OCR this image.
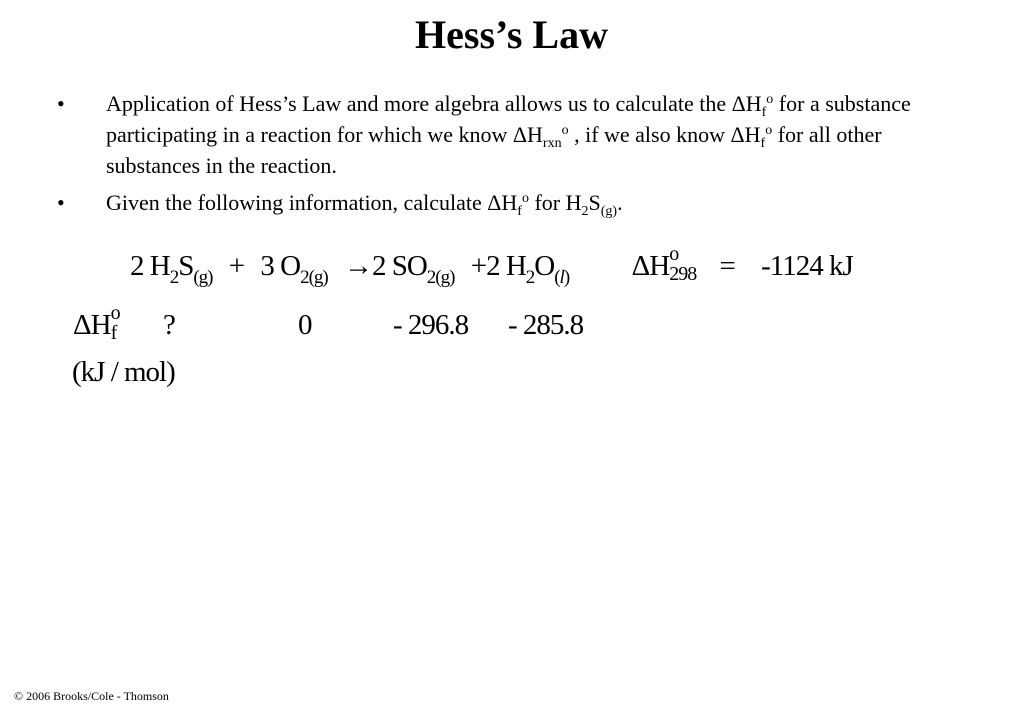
Hess’s Law
• Application of Hess’s Law and more algebra allows us to calculate the $\Delta H_f^o$ for a substance participating in a reaction for which we know $\Delta H_{rxn}^o$ , if we also know $\Delta H_f^o$ for all other substances in the reaction.
• Given the following information, calculate $\Delta H_f^o$ for $H_2S_{(g)}$.
2 $H_2S_{(g)} + 3$ $O_{2(g)} \to 2$ $SO_{2(g)} +2$ $H_2O_{(l)}$ ΔH o
298 = -1124 kJ
ΔH o
f ?	0	- 296.8 - 285.8
(kJ / mol)
© 2006 Brooks/Cole - Thomson
